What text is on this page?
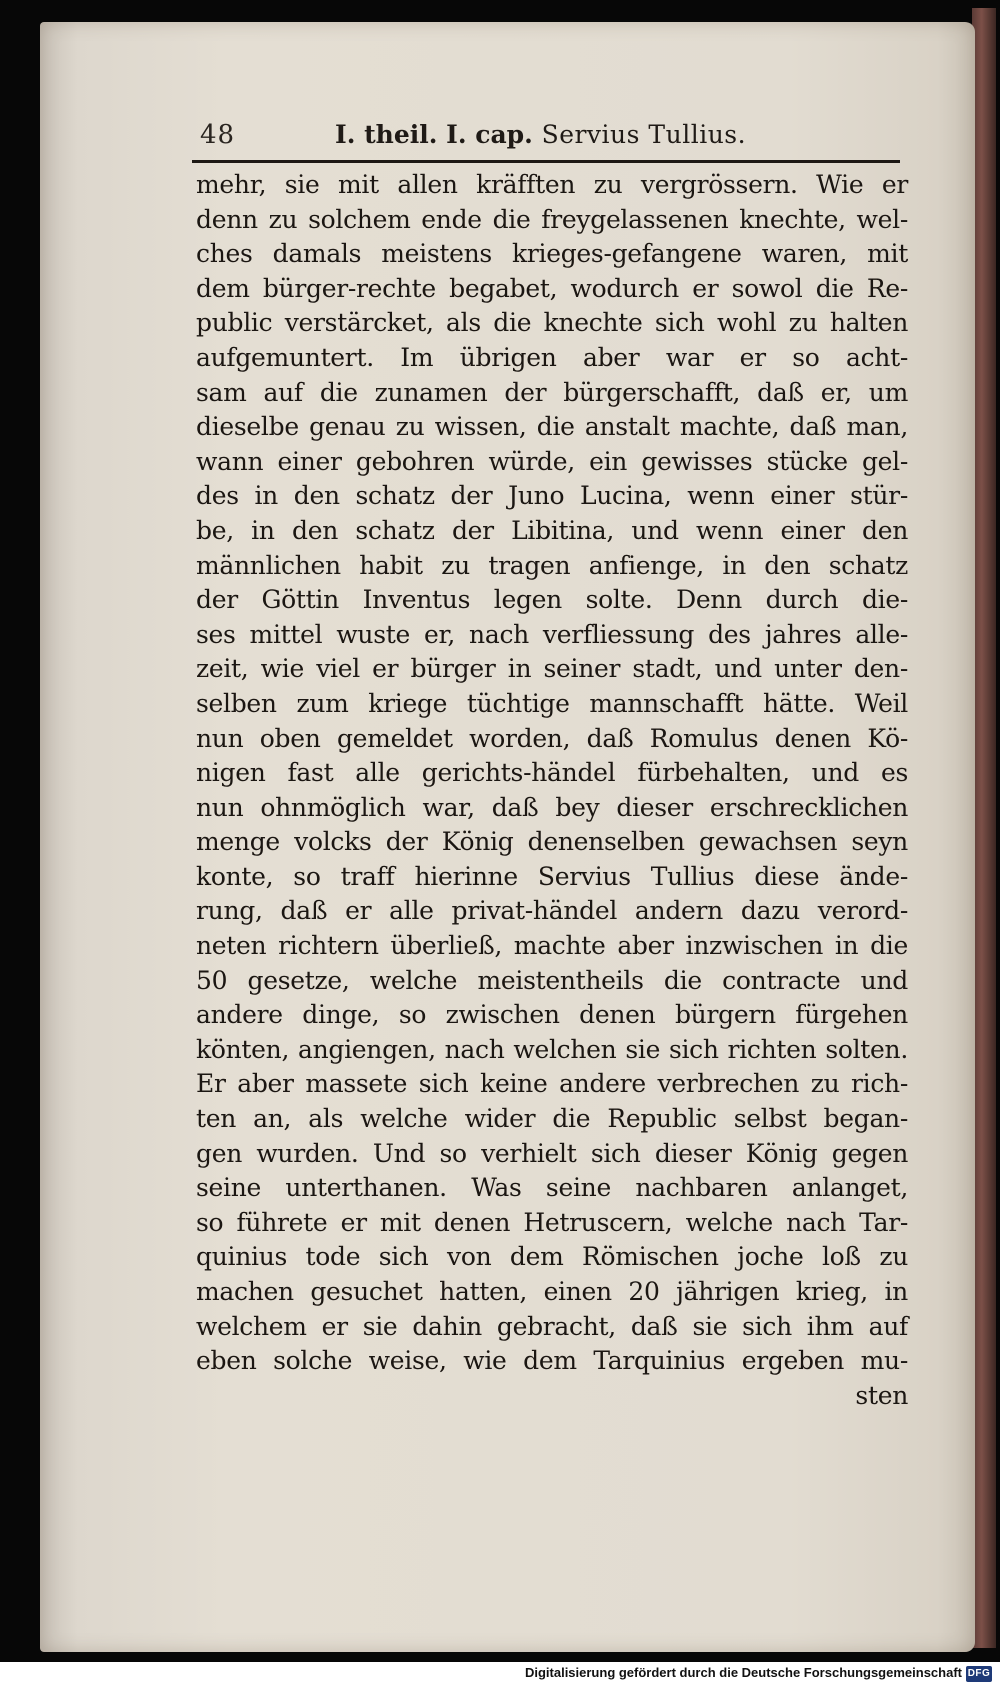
48	I. theil. I. cap. Servius Tullius.
mehr, sie mit allen kräfften zu vergrössern. Wie er
denn zu solchem ende die freygelassenen knechte, wel-
ches damals meistens krieges-gefangene waren, mit
dem bürger-rechte begabet, wodurch er sowol die Re-
public verstärcket, als die knechte sich wohl zu halten
aufgemuntert. Im übrigen aber war er so acht-
sam auf die zunamen der bürgerschafft, daß er, um
dieselbe genau zu wissen, die anstalt machte, daß man,
wann einer gebohren würde, ein gewisses stücke gel-
des in den schatz der Juno Lucina, wenn einer stür-
be, in den schatz der Libitina, und wenn einer den
männlichen habit zu tragen anfienge, in den schatz
der Göttin Inventus legen solte. Denn durch die-
ses mittel wuste er, nach verfliessung des jahres alle-
zeit, wie viel er bürger in seiner stadt, und unter den-
selben zum kriege tüchtige mannschafft hätte. Weil
nun oben gemeldet worden, daß Romulus denen Kö-
nigen fast alle gerichts-händel fürbehalten, und es
nun ohnmöglich war, daß bey dieser erschrecklichen
menge volcks der König denenselben gewachsen seyn
konte, so traff hierinne Servius Tullius diese ände-
rung, daß er alle privat-händel andern dazu verord-
neten richtern überließ, machte aber inzwischen in die
50 gesetze, welche meistentheils die contracte und
andere dinge, so zwischen denen bürgern fürgehen
könten, angiengen, nach welchen sie sich richten solten.
Er aber massete sich keine andere verbrechen zu rich-
ten an, als welche wider die Republic selbst began-
gen wurden. Und so verhielt sich dieser König gegen
seine unterthanen. Was seine nachbaren anlanget,
so führete er mit denen Hetruscern, welche nach Tar-
quinius tode sich von dem Römischen joche loß zu
machen gesuchet hatten, einen 20 jährigen krieg, in
welchem er sie dahin gebracht, daß sie sich ihm auf
eben solche weise, wie dem Tarquinius ergeben mu-
sten
Digitalisierung gefördert durch die Deutsche Forschungsgemeinschaft DFG
